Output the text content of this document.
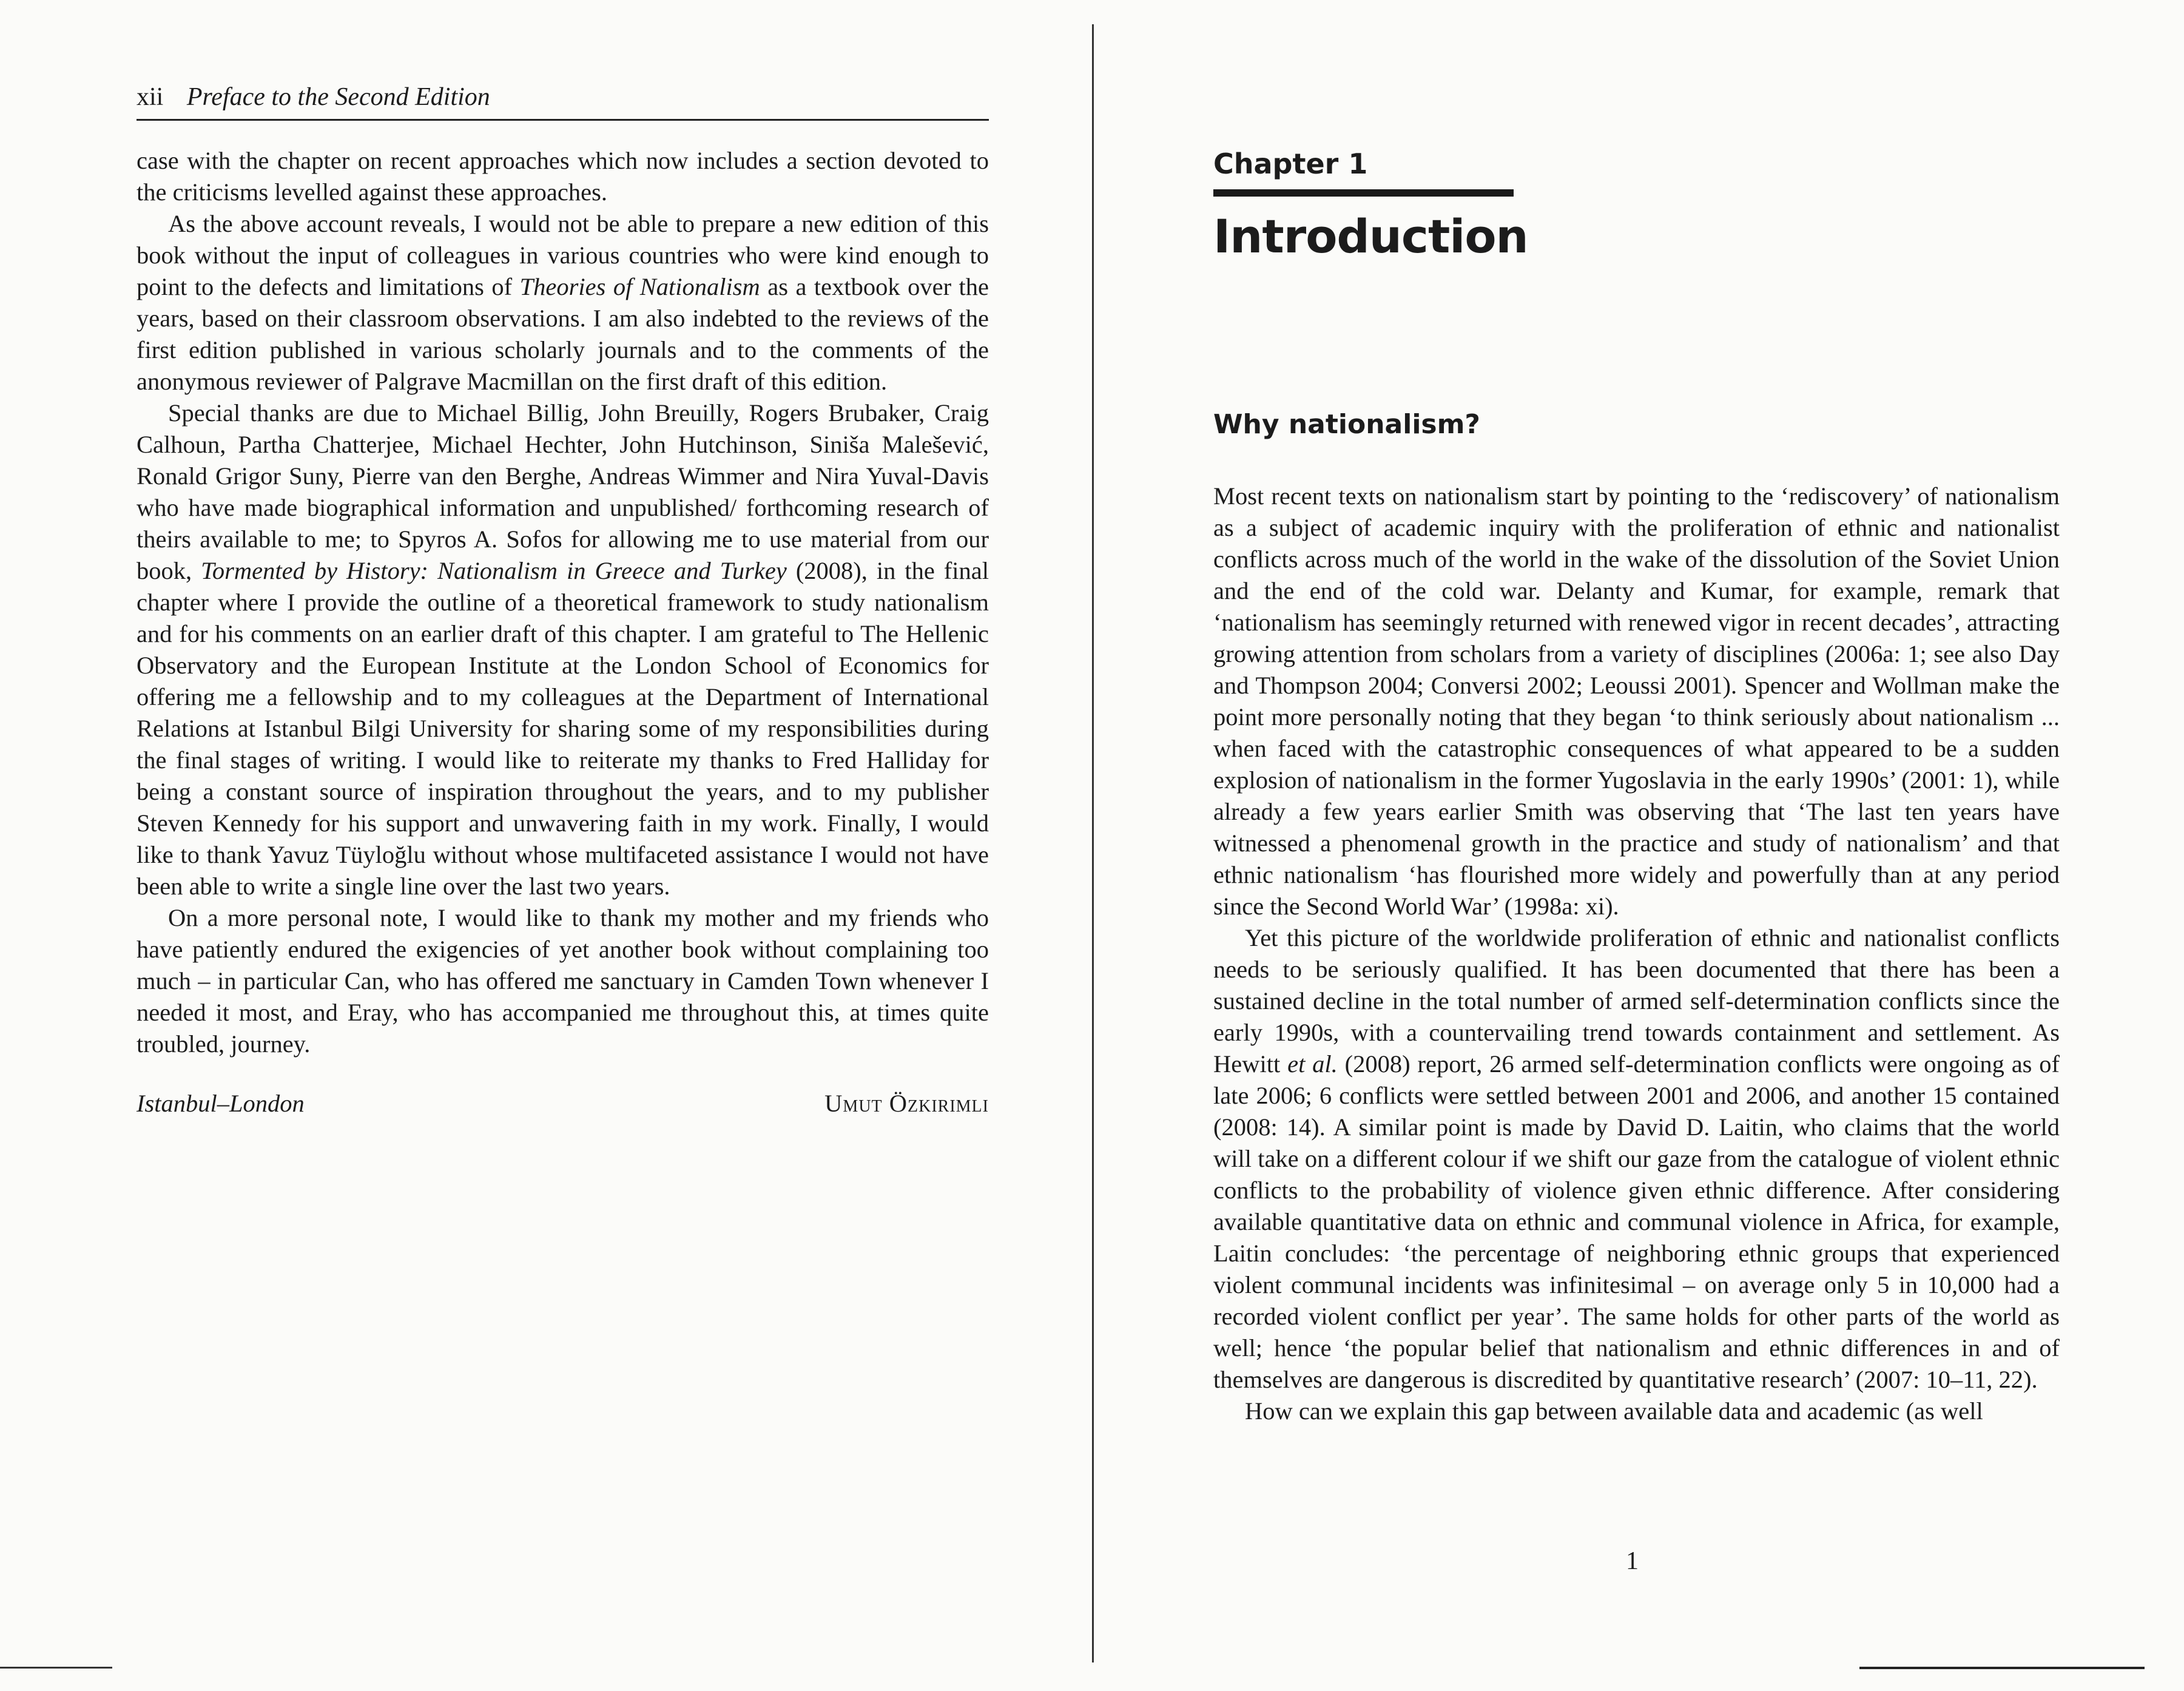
xii Preface to the Second Edition

case with the chapter on recent approaches which now includes a section devoted to the criticisms levelled against these approaches.

As the above account reveals, I would not be able to prepare a new edition of this book without the input of colleagues in various countries who were kind enough to point to the defects and limitations of Theories of Nationalism as a textbook over the years, based on their classroom observations. I am also indebted to the reviews of the first edition published in various scholarly journals and to the comments of the anonymous reviewer of Palgrave Macmillan on the first draft of this edition.

Special thanks are due to Michael Billig, John Breuilly, Rogers Brubaker, Craig Calhoun, Partha Chatterjee, Michael Hechter, John Hutchinson, Siniša Malešević, Ronald Grigor Suny, Pierre van den Berghe, Andreas Wimmer and Nira Yuval-Davis who have made biographical information and unpublished/ forthcoming research of theirs available to me; to Spyros A. Sofos for allowing me to use material from our book, Tormented by History: Nationalism in Greece and Turkey (2008), in the final chapter where I provide the outline of a theoretical framework to study nationalism and for his comments on an earlier draft of this chapter. I am grateful to The Hellenic Observatory and the European Institute at the London School of Economics for offering me a fellowship and to my colleagues at the Department of International Relations at Istanbul Bilgi University for sharing some of my responsibilities during the final stages of writing. I would like to reiterate my thanks to Fred Halliday for being a constant source of inspiration throughout the years, and to my publisher Steven Kennedy for his support and unwavering faith in my work. Finally, I would like to thank Yavuz Tüyloğlu without whose multifaceted assistance I would not have been able to write a single line over the last two years.

On a more personal note, I would like to thank my mother and my friends who have patiently endured the exigencies of yet another book without complaining too much – in particular Can, who has offered me sanctuary in Camden Town whenever I needed it most, and Eray, who has accompanied me throughout this, at times quite troubled, journey.

Istanbul–London	Umut Özkirimli
Chapter 1
Introduction
Why nationalism?

Most recent texts on nationalism start by pointing to the ‘rediscovery’ of nationalism as a subject of academic inquiry with the proliferation of ethnic and nationalist conflicts across much of the world in the wake of the dissolution of the Soviet Union and the end of the cold war. Delanty and Kumar, for example, remark that ‘nationalism has seemingly returned with renewed vigor in recent decades’, attracting growing attention from scholars from a variety of disciplines (2006a: 1; see also Day and Thompson 2004; Conversi 2002; Leoussi 2001). Spencer and Wollman make the point more personally noting that they began ‘to think seriously about nationalism ... when faced with the catastrophic consequences of what appeared to be a sudden explosion of nationalism in the former Yugoslavia in the early 1990s’ (2001: 1), while already a few years earlier Smith was observing that ‘The last ten years have witnessed a phenomenal growth in the practice and study of nationalism’ and that ethnic nationalism ‘has flourished more widely and powerfully than at any period since the Second World War’ (1998a: xi).

Yet this picture of the worldwide proliferation of ethnic and nationalist conflicts needs to be seriously qualified. It has been documented that there has been a sustained decline in the total number of armed self-determination conflicts since the early 1990s, with a countervailing trend towards containment and settlement. As Hewitt et al. (2008) report, 26 armed self-determination conflicts were ongoing as of late 2006; 6 conflicts were settled between 2001 and 2006, and another 15 contained (2008: 14). A similar point is made by David D. Laitin, who claims that the world will take on a different colour if we shift our gaze from the catalogue of violent ethnic conflicts to the probability of violence given ethnic difference. After considering available quantitative data on ethnic and communal violence in Africa, for example, Laitin concludes: ‘the percentage of neighboring ethnic groups that experienced violent communal incidents was infinitesimal – on average only 5 in 10,000 had a recorded violent conflict per year’. The same holds for other parts of the world as well; hence ‘the popular belief that nationalism and ethnic differences in and of themselves are dangerous is discredited by quantitative research’ (2007: 10–11, 22).

How can we explain this gap between available data and academic (as well

1
